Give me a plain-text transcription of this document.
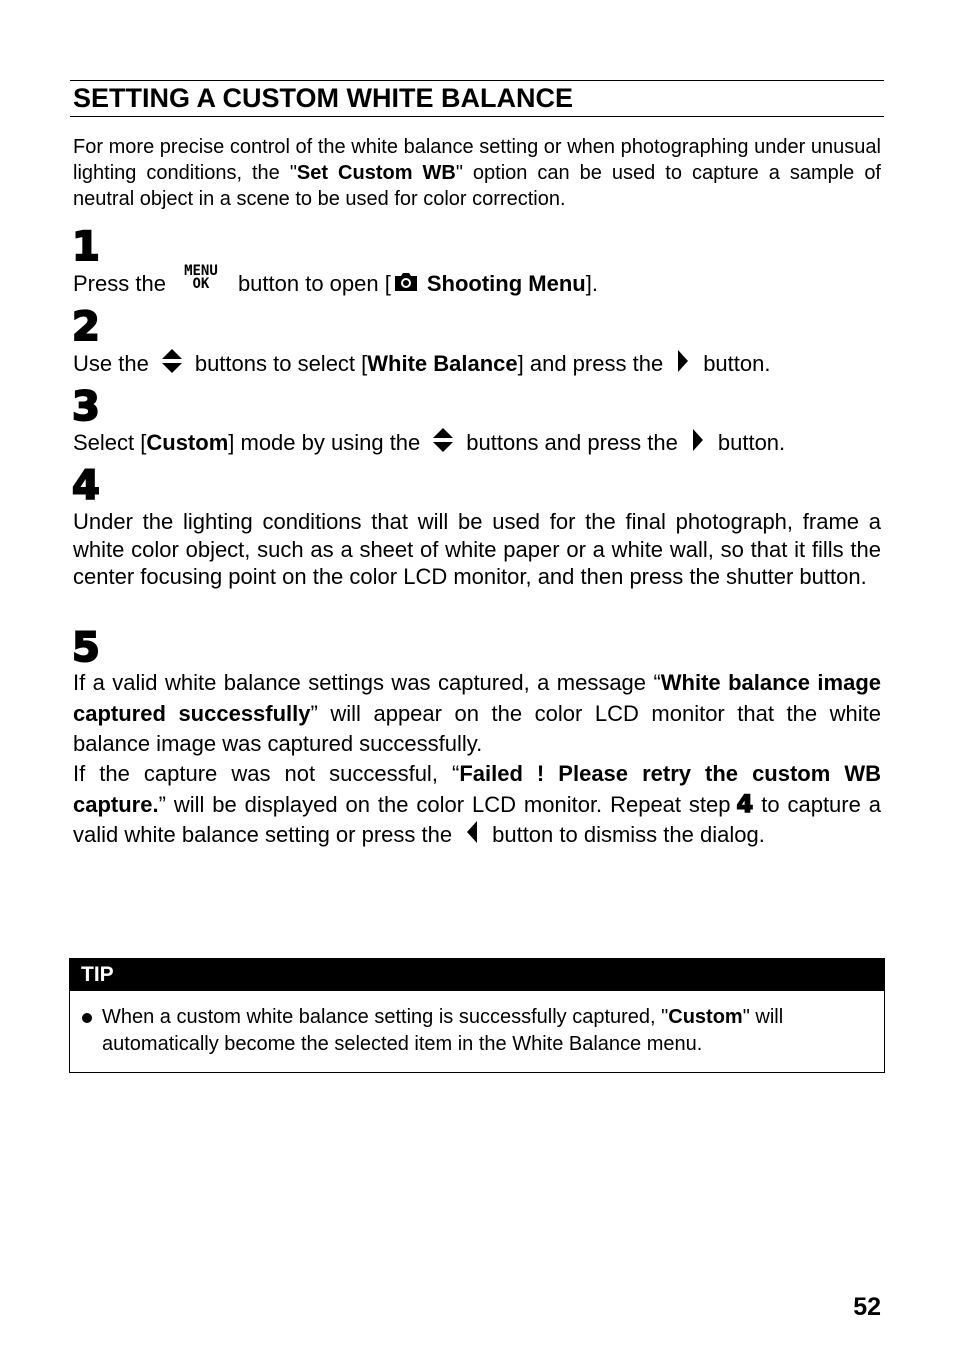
SETTING A CUSTOM WHITE BALANCE

For more precise control of the white balance setting or when photographing under unusual lighting conditions, the "Set Custom WB" option can be used to capture a sample of neutral object in a scene to be used for color correction.

1

Press the	MENU
OK	button to open [ Shooting Menu].

2

Use the buttons to select [White Balance] and press the button.

3

Select [Custom] mode by using the buttons and press the button.

4

Under the lighting conditions that will be used for the final photograph, frame a white color object, such as a sheet of white paper or a white wall, so that it fills the center focusing point on the color LCD monitor, and then press the shutter button.

5

If a valid white balance settings was captured, a message “White balance image captured successfully” will appear on the color LCD monitor that the white balance image was captured successfully.

If the capture was not successful, “Failed ! Please retry the custom WB capture.” will be displayed on the color LCD monitor. Repeat step 4 to capture a valid white balance setting or press the button to dismiss the dialog.

TIP

When a custom white balance setting is successfully captured, "Custom" will automatically become the selected item in the White Balance menu.

52
